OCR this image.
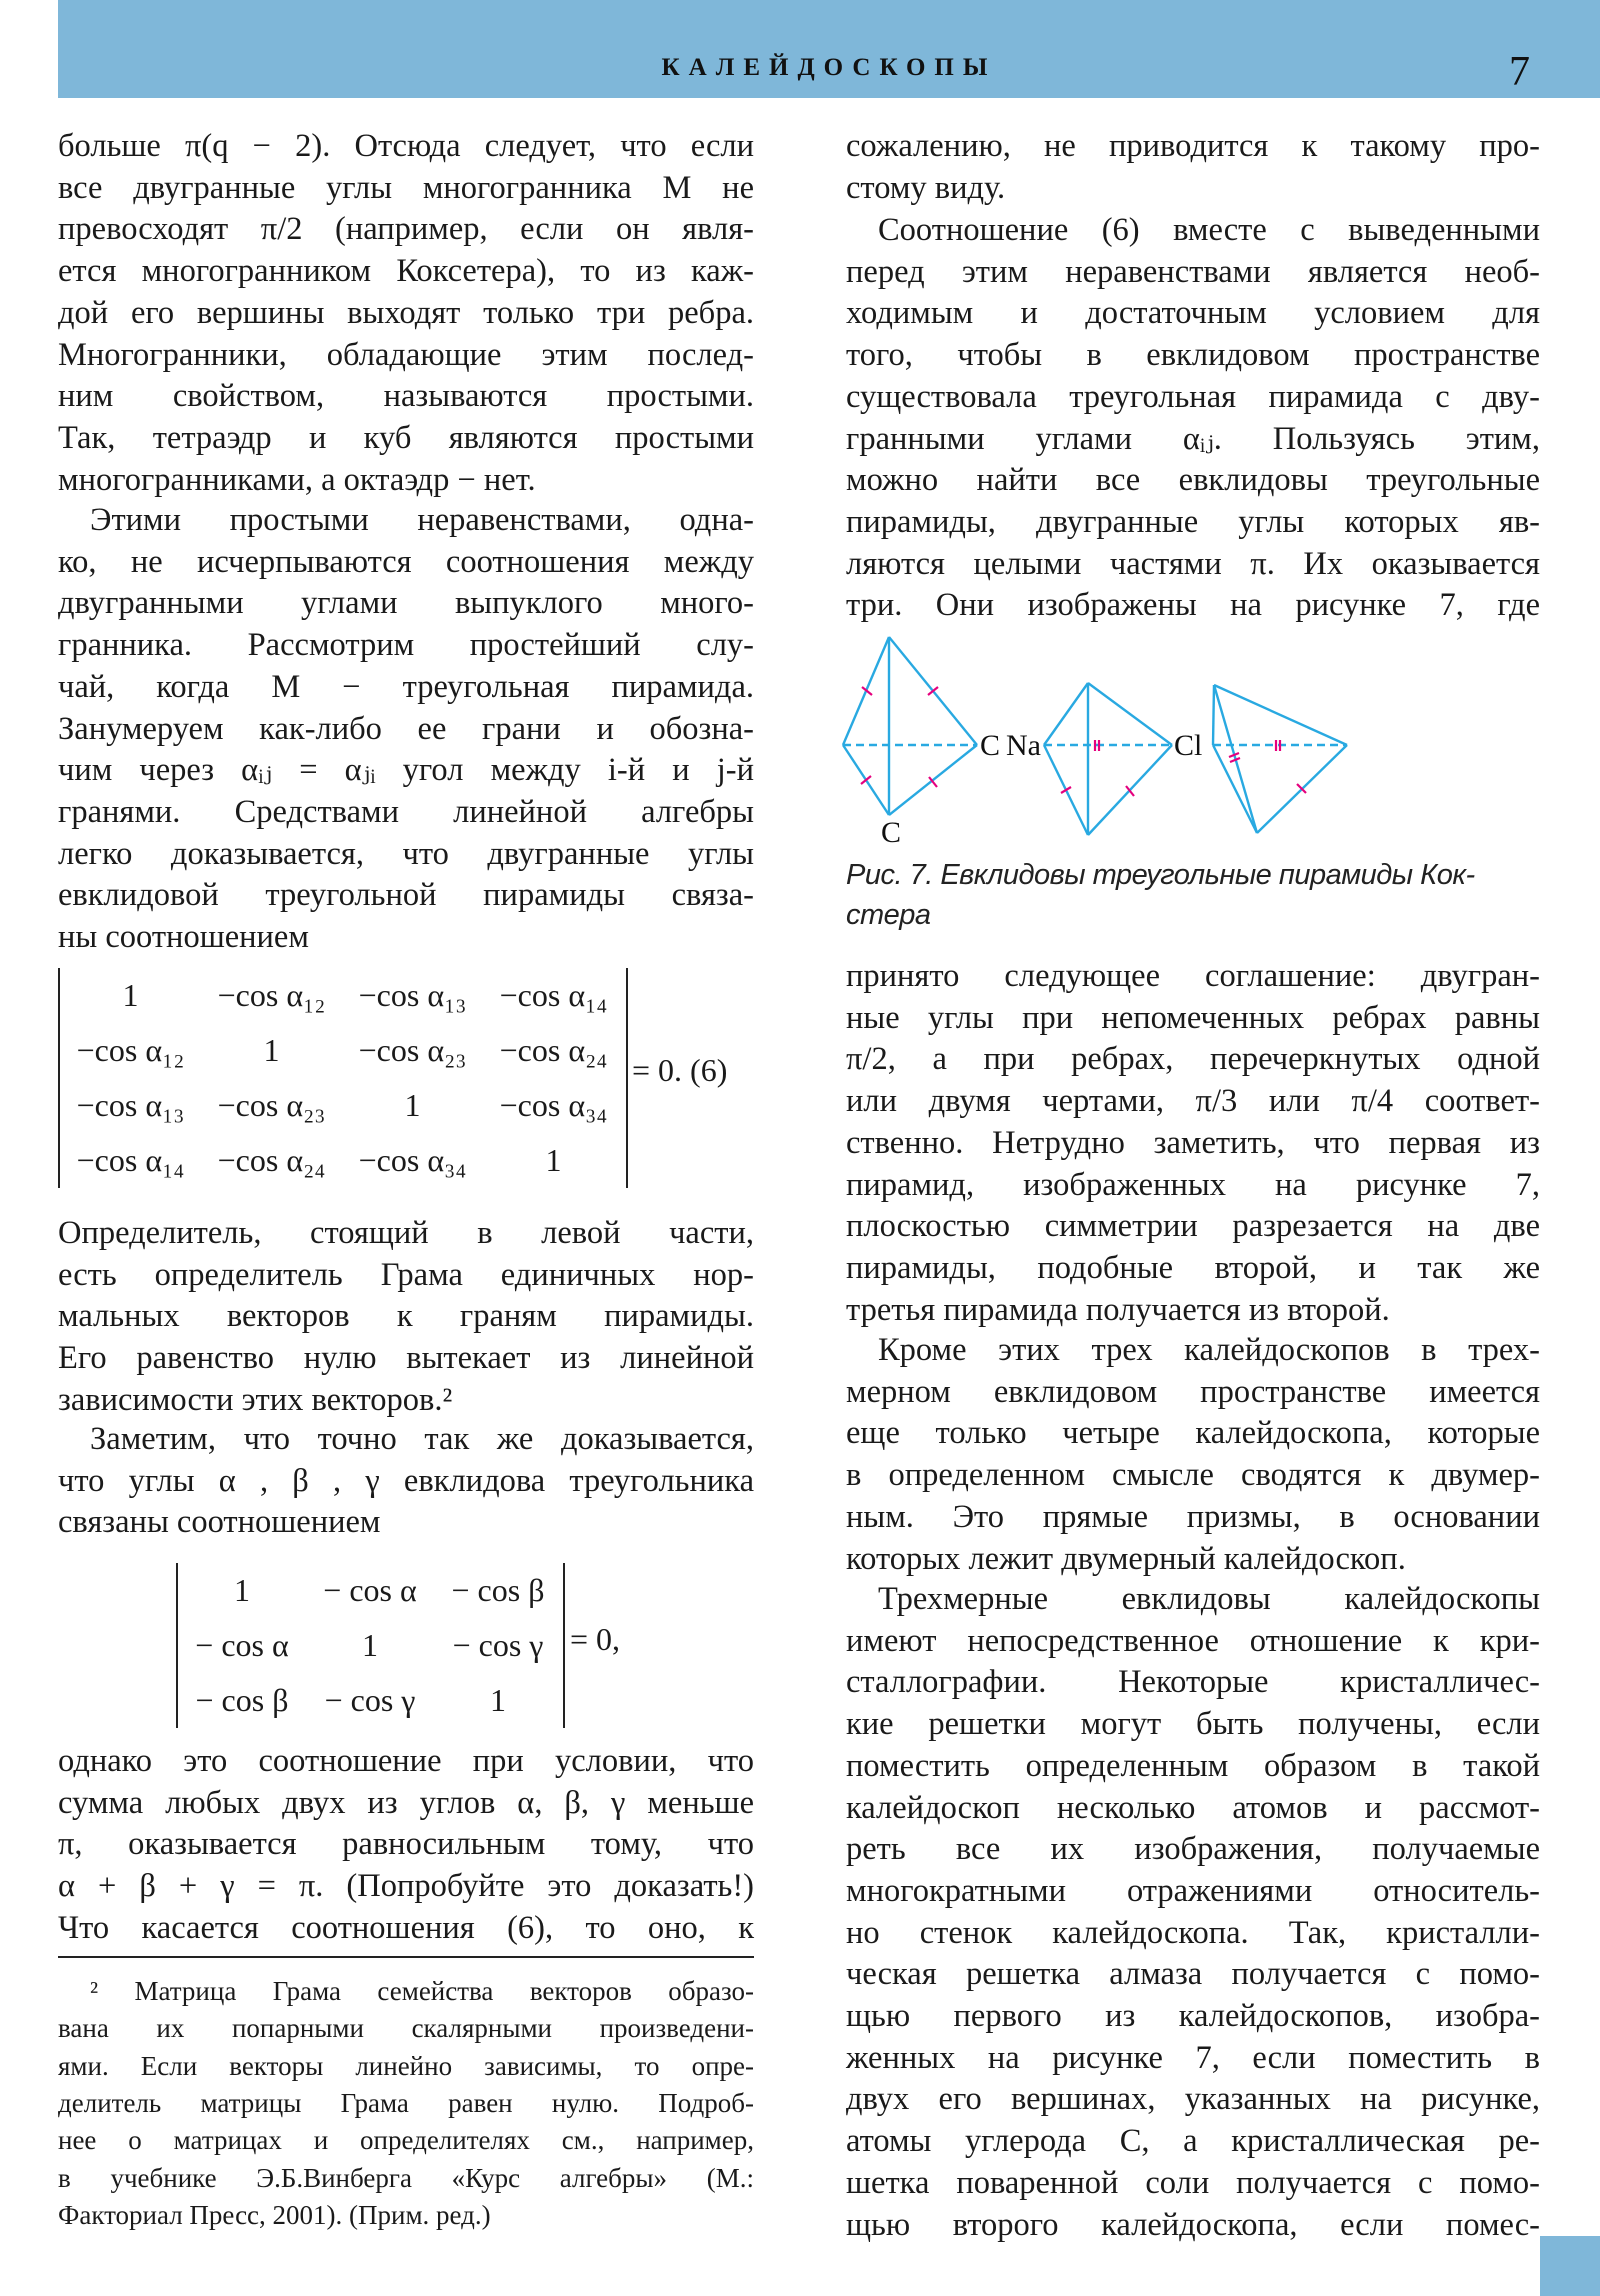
КАЛЕЙДОСКОПЫ	7
больше π(q − 2). Отсюда следует, что если
все двугранные углы многогранника M не
превосходят π/2 (например, если он явля-
ется многогранником Коксетера), то из каж-
дой его вершины выходят только три ребра.
Многогранники, обладающие этим послед-
ним свойством, называются простыми.
Так, тетраэдр и куб являются простыми
многогранниками, а октаэдр − нет.
Этими простыми неравенствами, одна-
ко, не исчерпываются соотношения между
двугранными углами выпуклого много-
гранника. Рассмотрим простейший слу-
чай, когда M − треугольная пирамида.
Занумеруем как-либо ее грани и обозна-
чим через αᵢⱼ = αⱼᵢ угол между i-й и j-й
гранями. Средствами линейной алгебры
легко доказывается, что двугранные углы
евклидовой треугольной пирамиды связа-
ны соотношением
Определитель, стоящий в левой части,
есть определитель Грама единичных нор-
мальных векторов к граням пирамиды.
Его равенство нулю вытекает из линейной
зависимости этих векторов.²
Заметим, что точно так же доказывается,
что углы α , β , γ евклидова треугольника
связаны соотношением
однако это соотношение при условии, что
сумма любых двух из углов α, β, γ меньше
π, оказывается равносильным тому, что
α + β + γ = π. (Попробуйте это доказать!)
Что касается соотношения (6), то оно, к
сожалению, не приводится к такому про-
стому виду.
Соотношение (6) вместе с выведенными
перед этим неравенствами является необ-
ходимым и достаточным условием для
того, чтобы в евклидовом пространстве
существовала треугольная пирамида с дву-
гранными углами αᵢⱼ. Пользуясь этим,
можно найти все евклидовы треугольные
пирамиды, двугранные углы которых яв-
ляются целыми частями π. Их оказывается
три. Они изображены на рисунке 7, где
принято следующее соглашение: двугран-
ные углы при непомеченных ребрах равны
π/2, а при ребрах, перечеркнутых одной
или двумя чертами, π/3 или π/4 соответ-
ственно. Нетрудно заметить, что первая из
пирамид, изображенных на рисунке 7,
плоскостью симметрии разрезается на две
пирамиды, подобные второй, и так же
третья пирамида получается из второй.
Кроме этих трех калейдоскопов в трех-
мерном евклидовом пространстве имеется
еще только четыре калейдоскопа, которые
в определенном смысле сводятся к двумер-
ным. Это прямые призмы, в основании
которых лежит двумерный калейдоскоп.
Трехмерные евклидовы калейдоскопы
имеют непосредственное отношение к кри-
сталлографии. Некоторые кристалличес-
кие решетки могут быть получены, если
поместить определенным образом в такой
калейдоскоп несколько атомов и рассмот-
реть все их изображения, получаемые
многократными отражениями относитель-
но стенок калейдоскопа. Так, кристалли-
ческая решетка алмаза получается с помо-
щью первого из калейдоскопов, изобра-
женных на рисунке 7, если поместить в
двух его вершинах, указанных на рисунке,
атомы углерода C, а кристаллическая ре-
шетка поваренной соли получается с помо-
щью второго калейдоскопа, если помес-
1	−cos α₁₂	−cos α₁₃	−cos α₁₄
−cos α₁₂	1	−cos α₂₃	−cos α₂₄
−cos α₁₃	−cos α₂₃	1	−cos α₃₄
−cos α₁₄	−cos α₂₄	−cos α₃₄	1
= 0. (6)
1	− cos α	− cos β
− cos α	1	− cos γ
− cos β	− cos γ	1
= 0,
² Матрица Грама семейства векторов образо-
вана их попарными скалярными произведени-
ями. Если векторы линейно зависимы, то опре-
делитель матрицы Грама равен нулю. Подроб-
нее о матрицах и определителях см., например,
в учебнике Э.Б.Винберга «Курс алгебры» (М.:
Факториал Пресс, 2001). (Прим. ред.)
C
C
Na	Cl
Рис. 7. Евклидовы треугольные пирамиды Кок-
стера
